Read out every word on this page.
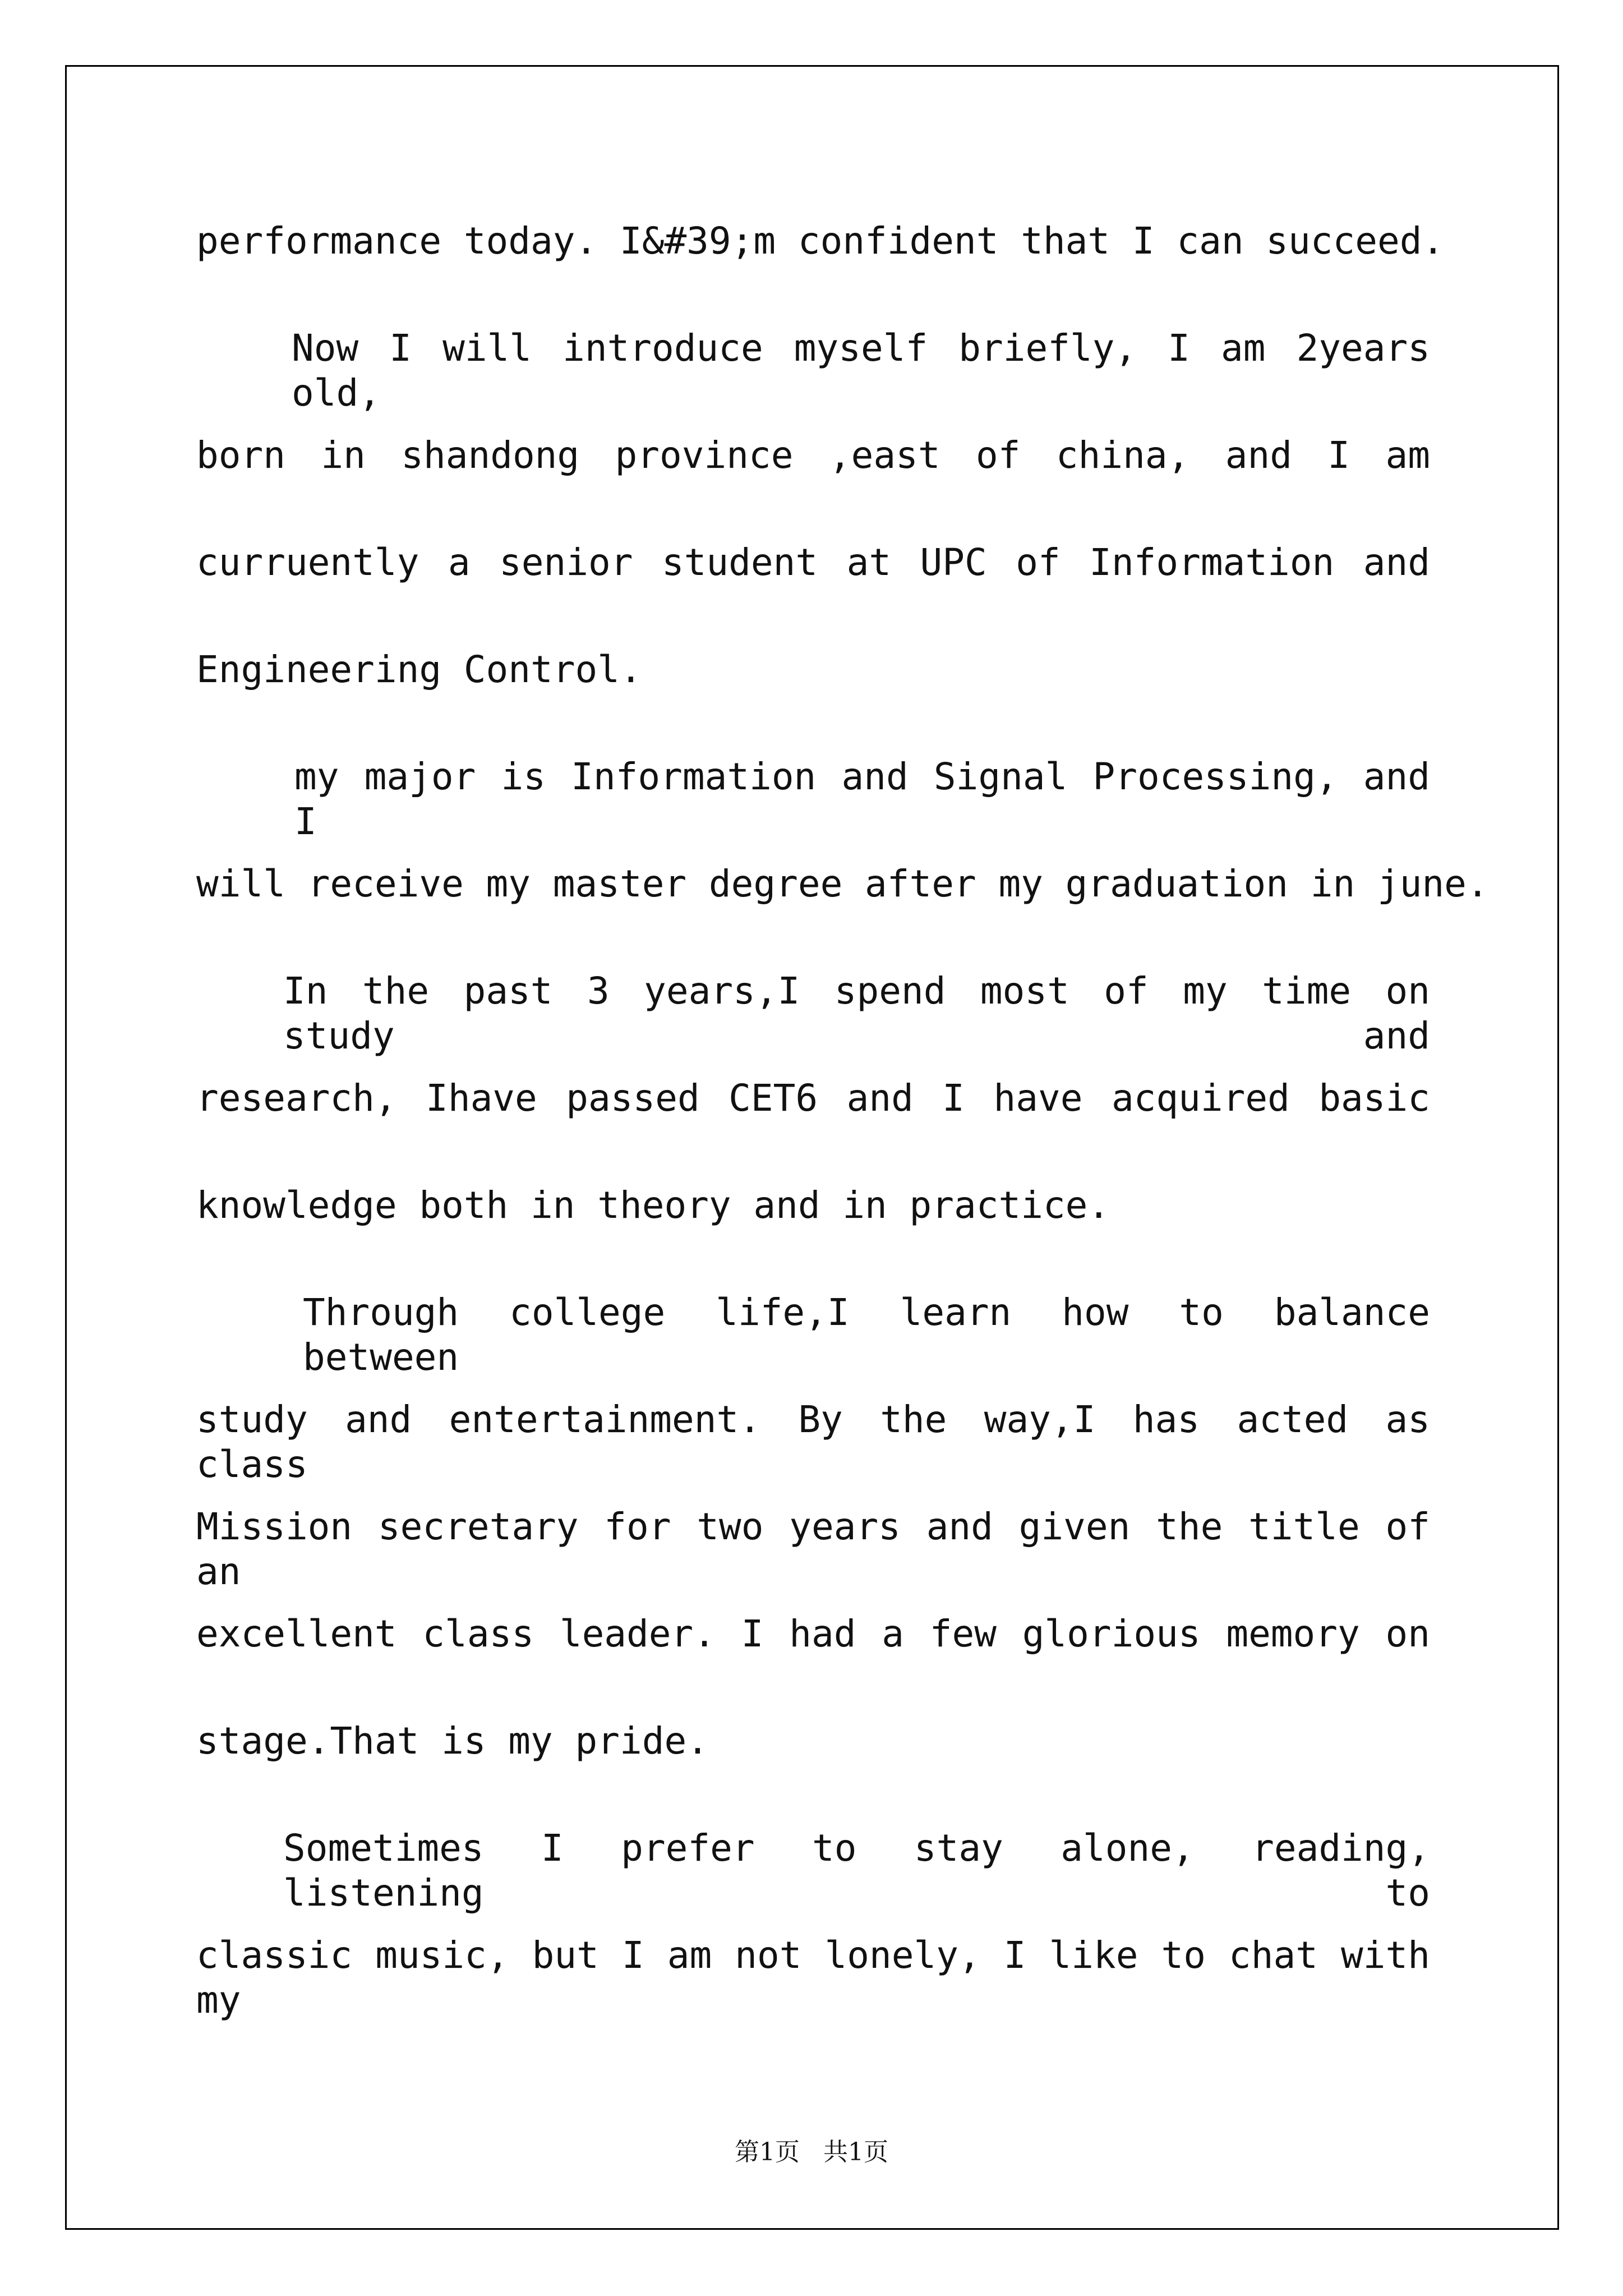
performance today. I&#39;m confident that I can succeed.
Now I will introduce myself briefly, I am 2years old,
born in shandong province ,east of china, and I am
curruently a senior student at UPC of Information and
Engineering Control.
my major is Information and Signal Processing, and I
will receive my master degree after my graduation in june.
In the past 3 years,I spend most of my time on study and
research, Ihave passed CET6 and I have acquired basic
knowledge both in theory and in practice.
Through college life,I learn how to balance between
study and entertainment. By the way,I has acted as class
Mission secretary for two years and given the title of an
excellent class leader. I had a few glorious memory on
stage.That is my pride.
Sometimes I prefer to stay alone, reading, listening to
classic music, but I am not lonely, I like to chat with my
第1页   共1页
